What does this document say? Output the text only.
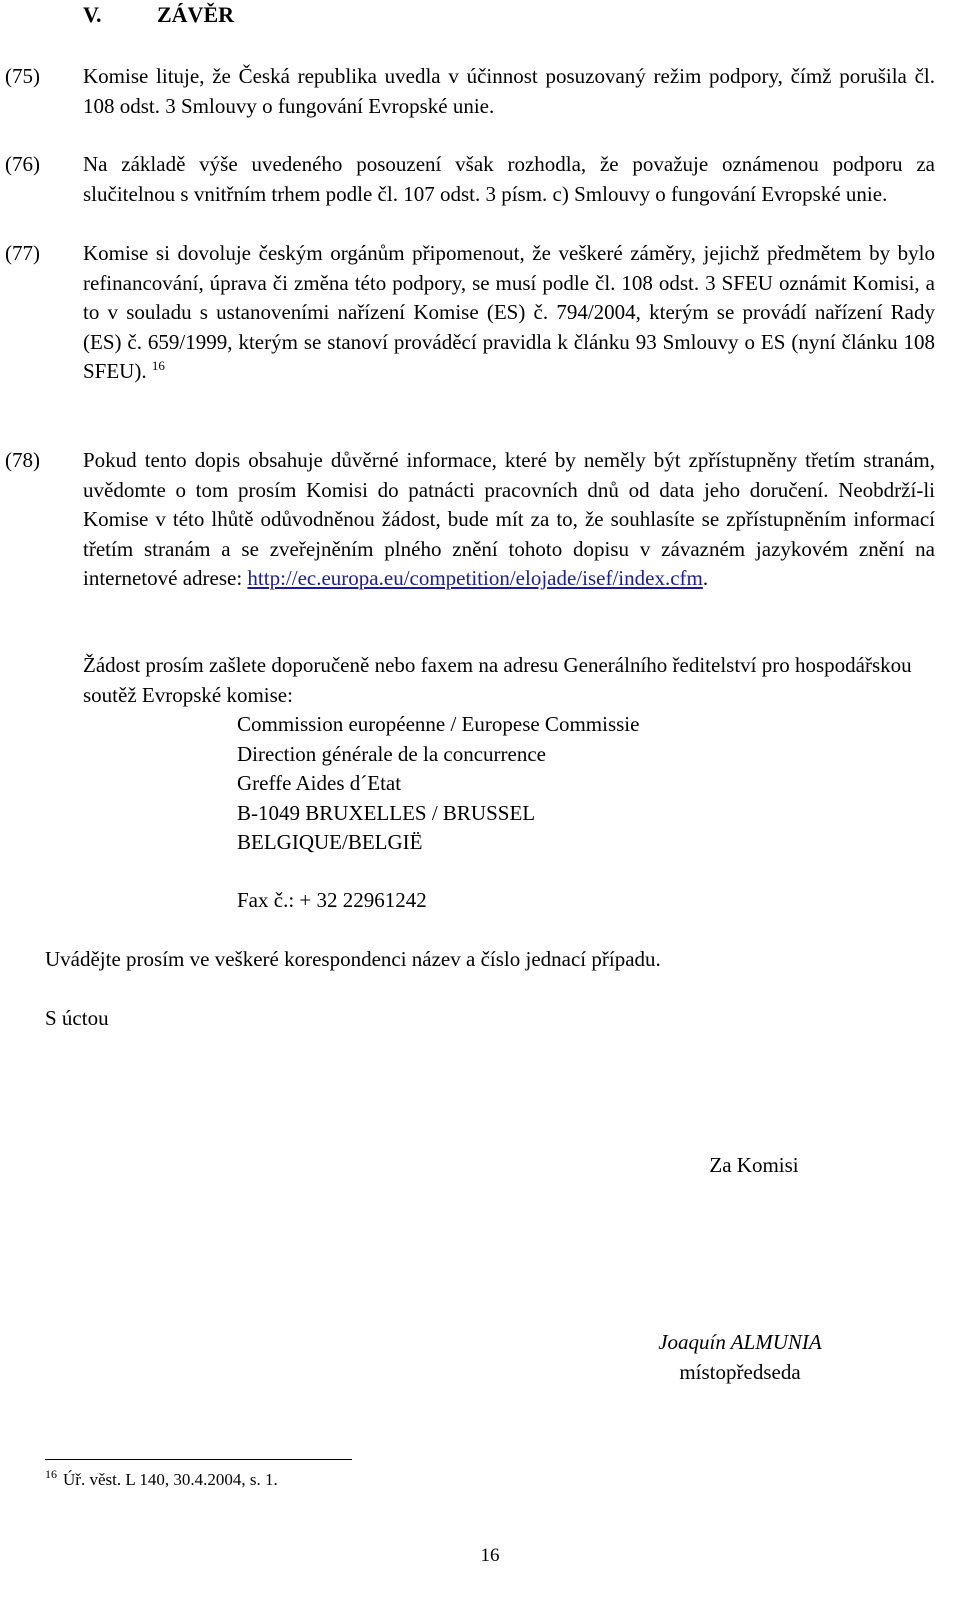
V.	ZÁVĚR
(75) Komise lituje, že Česká republika uvedla v účinnost posuzovaný režim podpory, čímž porušila čl. 108 odst. 3 Smlouvy o fungování Evropské unie.

(76) Na základě výše uvedeného posouzení však rozhodla, že považuje oznámenou podporu za slučitelnou s vnitřním trhem podle čl. 107 odst. 3 písm. c) Smlouvy o fungování Evropské unie.

(77) Komise si dovoluje českým orgánům připomenout, že veškeré záměry, jejichž předmětem by bylo refinancování, úprava či změna této podpory, se musí podle čl. 108 odst. 3 SFEU oznámit Komisi, a to v souladu s ustanoveními nařízení Komise (ES) č. 794/2004, kterým se provádí nařízení Rady (ES) č. 659/1999, kterým se stanoví prováděcí pravidla k článku 93 Smlouvy o ES (nyní článku 108 SFEU). $^{16}$

(78) Pokud tento dopis obsahuje důvěrné informace, které by neměly být zpřístupněny třetím stranám, uvědomte o tom prosím Komisi do patnácti pracovních dnů od data jeho doručení. Neobdrží-li Komise v této lhůtě odůvodněnou žádost, bude mít za to, že souhlasíte se zpřístupněním informací třetím stranám a se zveřejněním plného znění tohoto dopisu v závazném jazykovém znění na internetové adrese: http://ec.europa.eu/competition/elojade/isef/index.cfm.

Žádost prosím zašlete doporučeně nebo faxem na adresu Generálního ředitelství pro hospodářskou soutěž Evropské komise:

Commission européenne / Europese Commissie
Direction générale de la concurrence
Greffe Aides d´Etat
B-1049 BRUXELLES / BRUSSEL
BELGIQUE/BELGIË
Fax č.: + 32 22961242

Uvádějte prosím ve veškeré korespondenci název a číslo jednací případu.

S úctou

Za Komisi
Joaquín ALMUNIA
místopředseda
$^{16}$ Úř. věst. L 140, 30.4.2004, s. 1.
16
